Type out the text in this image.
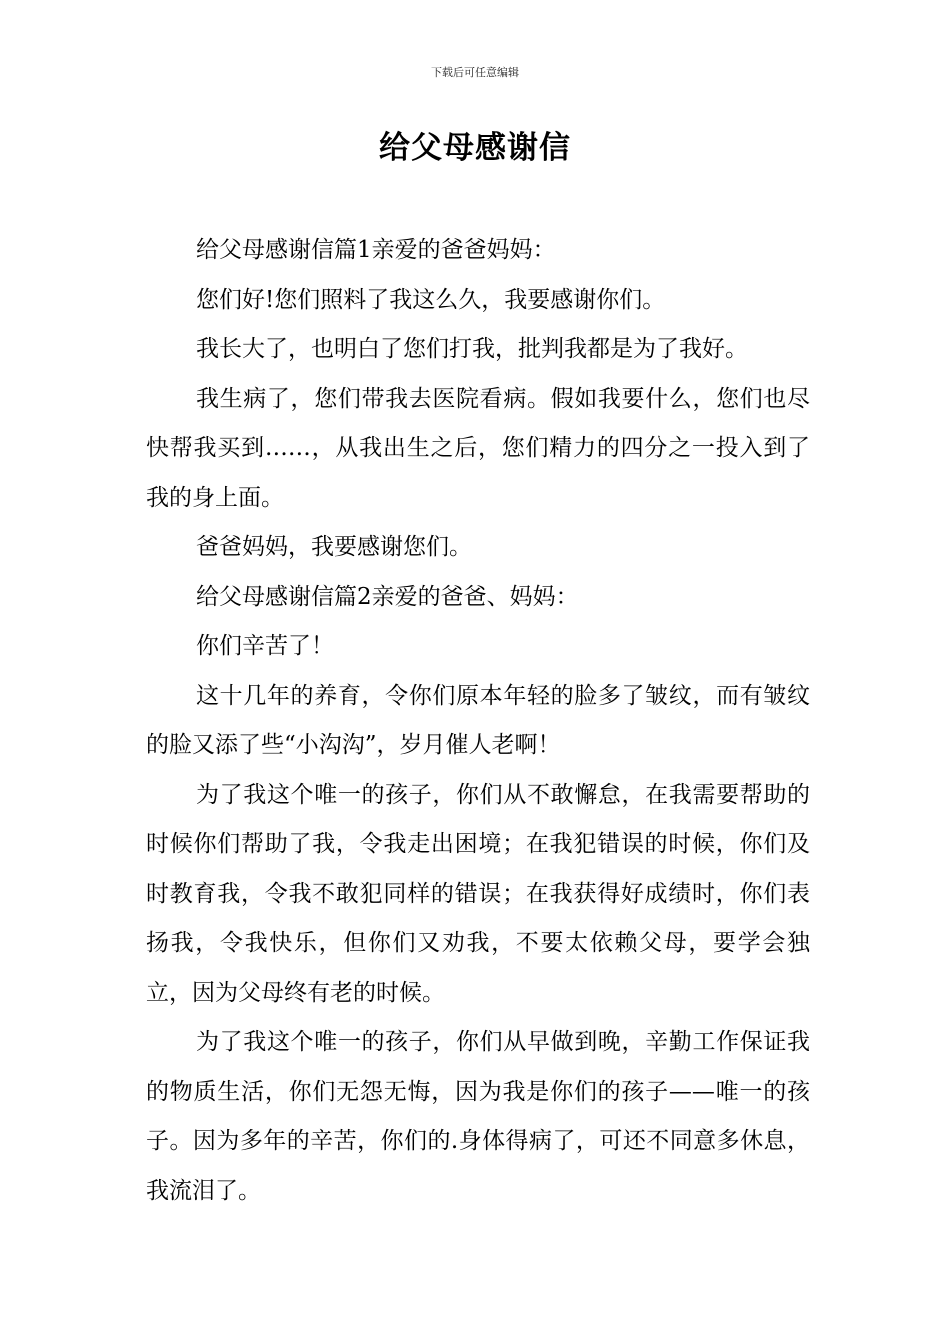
下载后可任意编辑
给父母感谢信

给父母感谢信篇1亲爱的爸爸妈妈：

您们好!您们照料了我这么久，我要感谢你们。

我长大了，也明白了您们打我，批判我都是为了我好。

我生病了，您们带我去医院看病。假如我要什么，您们也尽快帮我买到……，从我出生之后，您们精力的四分之一投入到了我的身上面。

爸爸妈妈，我要感谢您们。

给父母感谢信篇2亲爱的爸爸、妈妈：

你们辛苦了！

这十几年的养育，令你们原本年轻的脸多了皱纹，而有皱纹的脸又添了些“小沟沟”，岁月催人老啊！

为了我这个唯一的孩子，你们从不敢懈怠，在我需要帮助的时候你们帮助了我，令我走出困境；在我犯错误的时候，你们及时教育我，令我不敢犯同样的错误；在我获得好成绩时，你们表扬我，令我快乐，但你们又劝我，不要太依赖父母，要学会独立，因为父母终有老的时候。

为了我这个唯一的孩子，你们从早做到晚，辛勤工作保证我的物质生活，你们无怨无悔，因为我是你们的孩子——唯一的孩子。因为多年的辛苦，你们的.身体得病了，可还不同意多休息，我流泪了。
